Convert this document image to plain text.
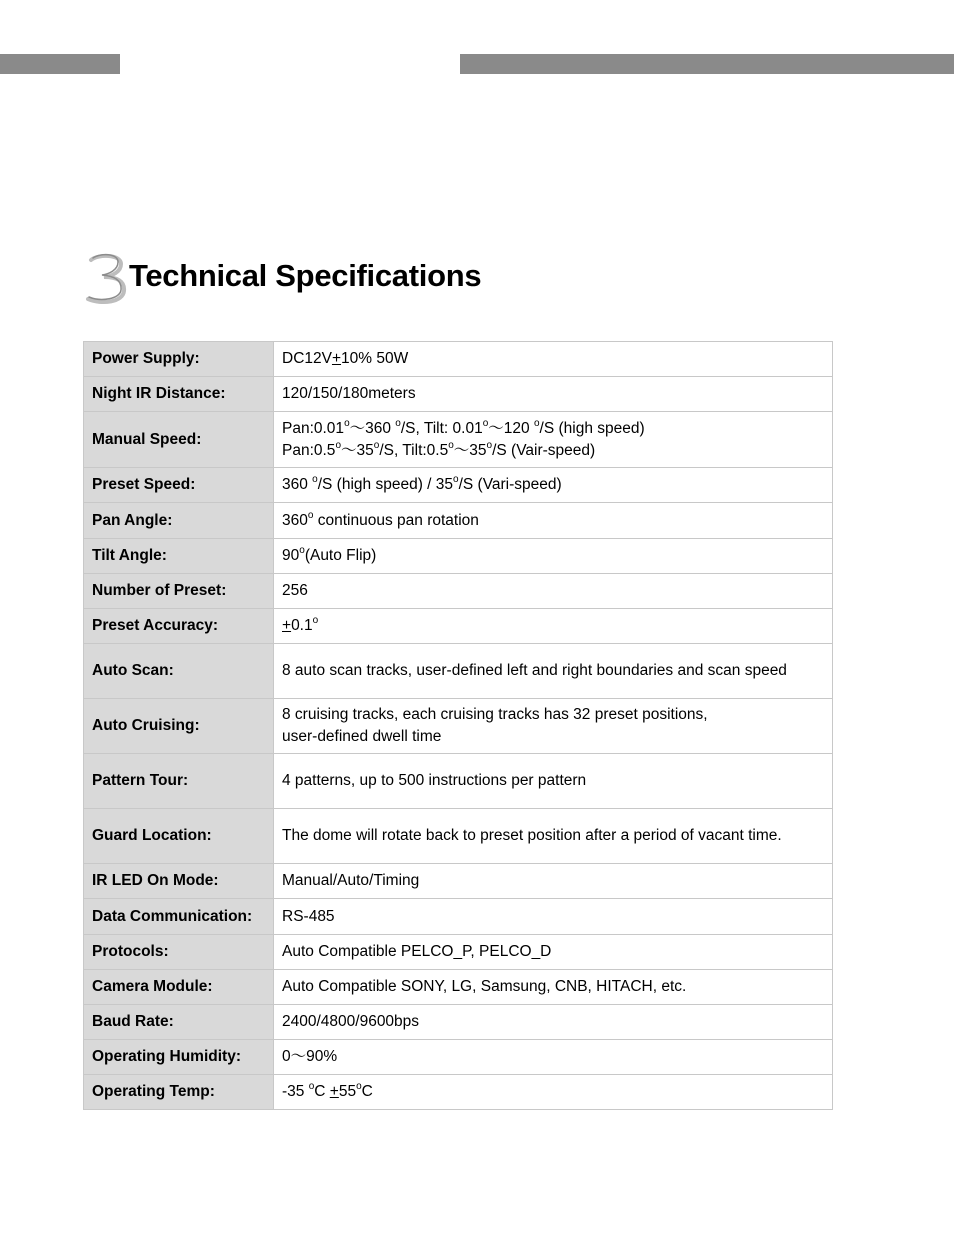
Technical Specifications
Power Supply:	DC12V+10% 50W
Night IR Distance:	120/150/180meters
Manual Speed:	Pan:0.01$^o$～360 $^o$/S, Tilt: 0.01$^o$～120 $^o$/S (high speed)
Pan:0.5$^o$～35$^o$/S, Tilt:0.5$^o$～35$^o$/S (Vair-speed)

Preset Speed:	360 $^o$/S (high speed) / 35$^o$/S (Vari-speed)
Pan Angle:	360$^o$ continuous pan rotation
Tilt Angle:	90$^o$(Auto Flip)
Number of Preset:	256
Preset Accuracy:	$+0.1^o$
Auto Scan:	8 auto scan tracks, user-defined left and right boundaries and scan speed
Auto Cruising:	8 cruising tracks, each cruising tracks has 32 preset positions,
user-defined dwell time

Pattern Tour:	4 patterns, up to 500 instructions per pattern
Guard Location:	The dome will rotate back to preset position after a period of vacant time.
IR LED On Mode:	Manual/Auto/Timing
Data Communication:	RS-485
Protocols:	Auto Compatible PELCO_P, PELCO_D
Camera Module:	Auto Compatible SONY, LG, Samsung, CNB, HITACH, etc.
Baud Rate:	2400/4800/9600bps
Operating Humidity:	0～90%
Operating Temp:	-35 $^oC +55^oC$
